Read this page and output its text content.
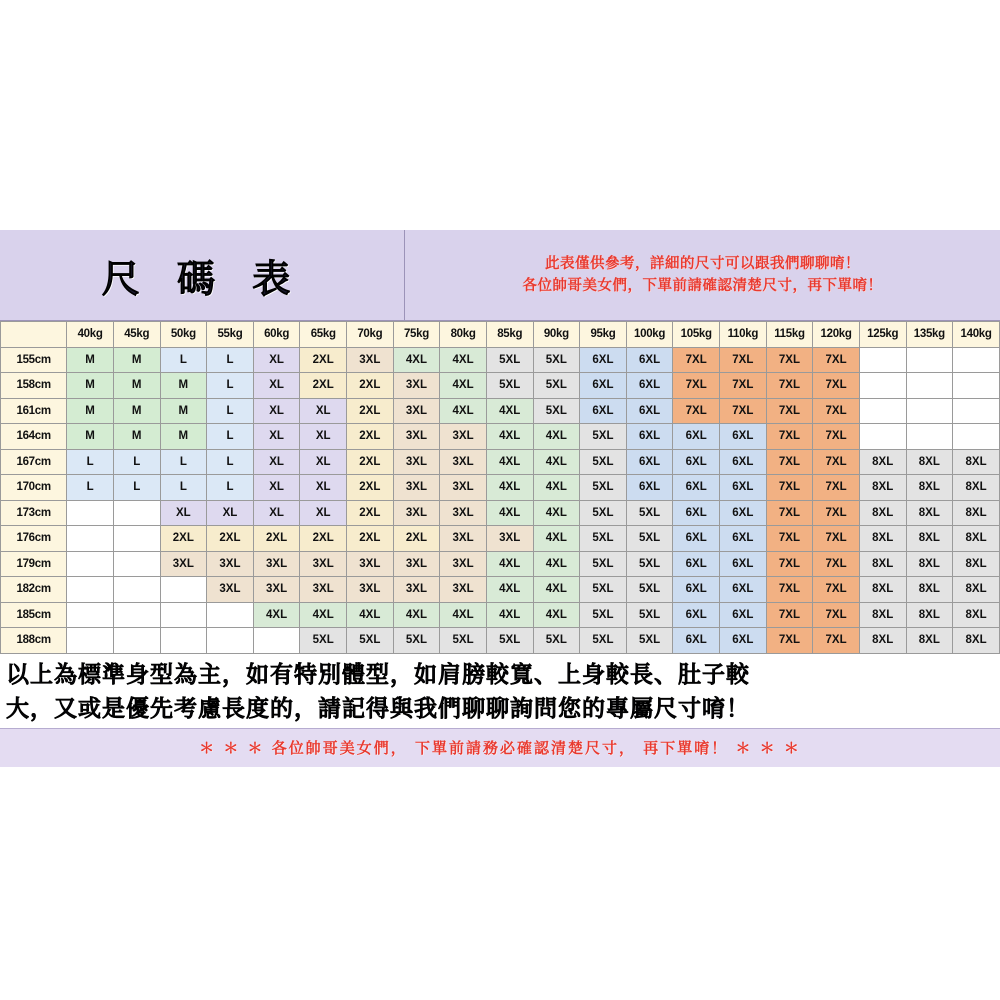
尺 碼 表	此表僅供參考，詳細的尺寸可以跟我們聊聊唷！
各位帥哥美女們，下單前請確認清楚尺寸，再下單唷！
	40kg	45kg	50kg	55kg	60kg	65kg	70kg	75kg	80kg	85kg	90kg	95kg	100kg	105kg	110kg	115kg	120kg	125kg	135kg	140kg
155cm	M	M	L	L	XL	2XL	3XL	4XL	4XL	5XL	5XL	6XL	6XL	7XL	7XL	7XL	7XL			
158cm	M	M	M	L	XL	2XL	2XL	3XL	4XL	5XL	5XL	6XL	6XL	7XL	7XL	7XL	7XL			
161cm	M	M	M	L	XL	XL	2XL	3XL	4XL	4XL	5XL	6XL	6XL	7XL	7XL	7XL	7XL			
164cm	M	M	M	L	XL	XL	2XL	3XL	3XL	4XL	4XL	5XL	6XL	6XL	6XL	7XL	7XL			
167cm	L	L	L	L	XL	XL	2XL	3XL	3XL	4XL	4XL	5XL	6XL	6XL	6XL	7XL	7XL	8XL	8XL	8XL
170cm	L	L	L	L	XL	XL	2XL	3XL	3XL	4XL	4XL	5XL	6XL	6XL	6XL	7XL	7XL	8XL	8XL	8XL
173cm			XL	XL	XL	XL	2XL	3XL	3XL	4XL	4XL	5XL	5XL	6XL	6XL	7XL	7XL	8XL	8XL	8XL
176cm			2XL	2XL	2XL	2XL	2XL	2XL	3XL	3XL	4XL	5XL	5XL	6XL	6XL	7XL	7XL	8XL	8XL	8XL
179cm			3XL	3XL	3XL	3XL	3XL	3XL	3XL	4XL	4XL	5XL	5XL	6XL	6XL	7XL	7XL	8XL	8XL	8XL
182cm				3XL	3XL	3XL	3XL	3XL	3XL	4XL	4XL	5XL	5XL	6XL	6XL	7XL	7XL	8XL	8XL	8XL
185cm					4XL	4XL	4XL	4XL	4XL	4XL	4XL	5XL	5XL	6XL	6XL	7XL	7XL	8XL	8XL	8XL
188cm						5XL	5XL	5XL	5XL	5XL	5XL	5XL	5XL	6XL	6XL	7XL	7XL	8XL	8XL	8XL
以上為標準身型為主，如有特別體型，如肩膀較寬、上身較長、肚子較
大，又或是優先考慮長度的，請記得與我們聊聊詢問您的專屬尺寸唷！
＊ ＊ ＊ 各位帥哥美女們， 下單前請務必確認清楚尺寸， 再下單唷！ ＊ ＊ ＊
